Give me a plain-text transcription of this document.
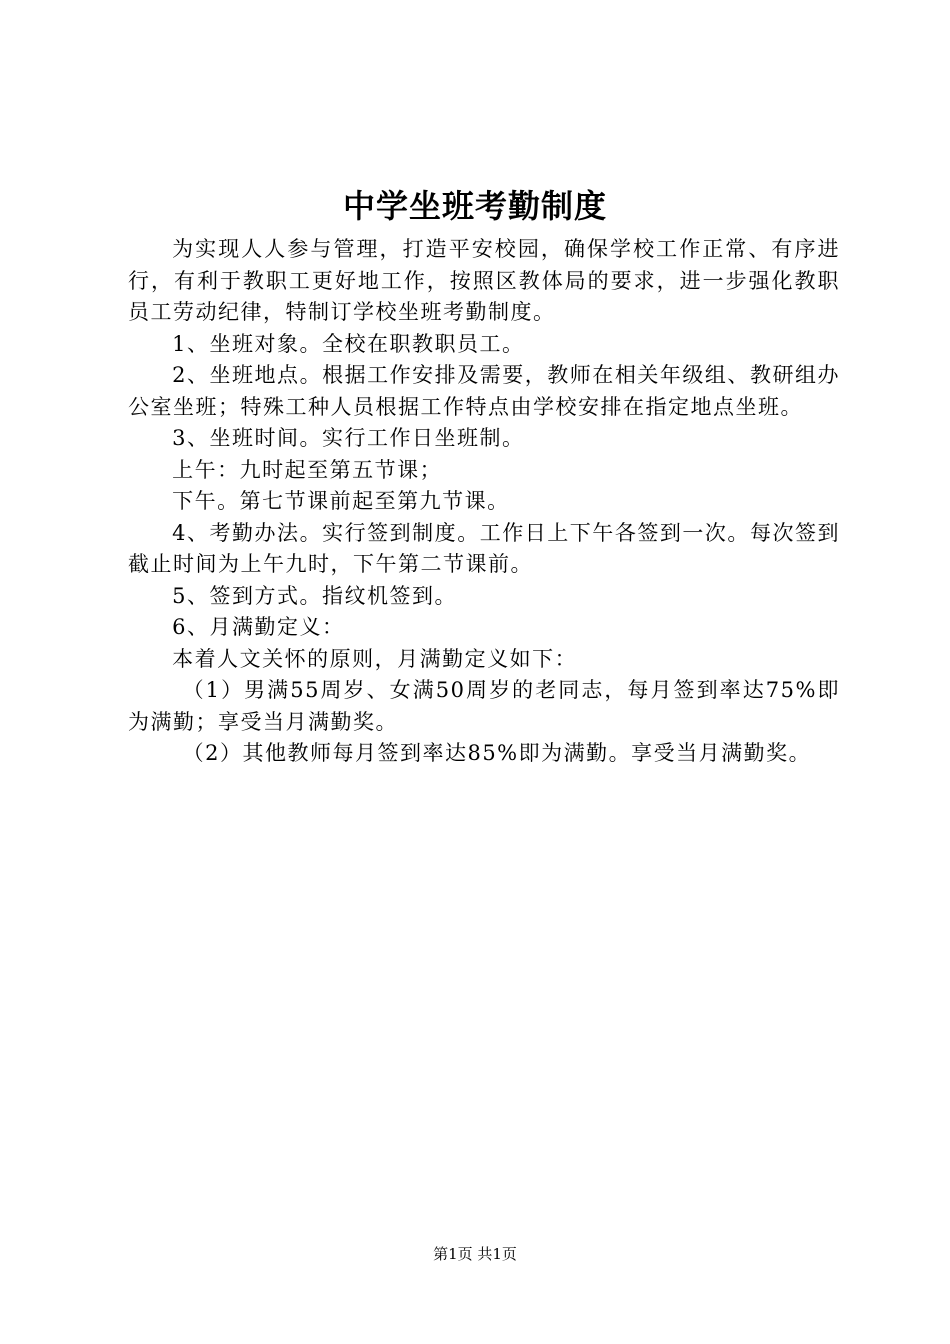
中学坐班考勤制度

为实现人人参与管理，打造平安校园，确保学校工作正常、有序进行，有利于教职工更好地工作，按照区教体局的要求，进一步强化教职员工劳动纪律，特制订学校坐班考勤制度。

1、坐班对象。全校在职教职员工。

2、坐班地点。根据工作安排及需要，教师在相关年级组、教研组办公室坐班；特殊工种人员根据工作特点由学校安排在指定地点坐班。

3、坐班时间。实行工作日坐班制。

上午：九时起至第五节课；

下午。第七节课前起至第九节课。

4、考勤办法。实行签到制度。工作日上下午各签到一次。每次签到截止时间为上午九时，下午第二节课前。

5、签到方式。指纹机签到。

6、月满勤定义：

本着人文关怀的原则，月满勤定义如下：

（1）男满55周岁、女满50周岁的老同志，每月签到率达75%即为满勤；享受当月满勤奖。

（2）其他教师每月签到率达85%即为满勤。享受当月满勤奖。

第1页 共1页
